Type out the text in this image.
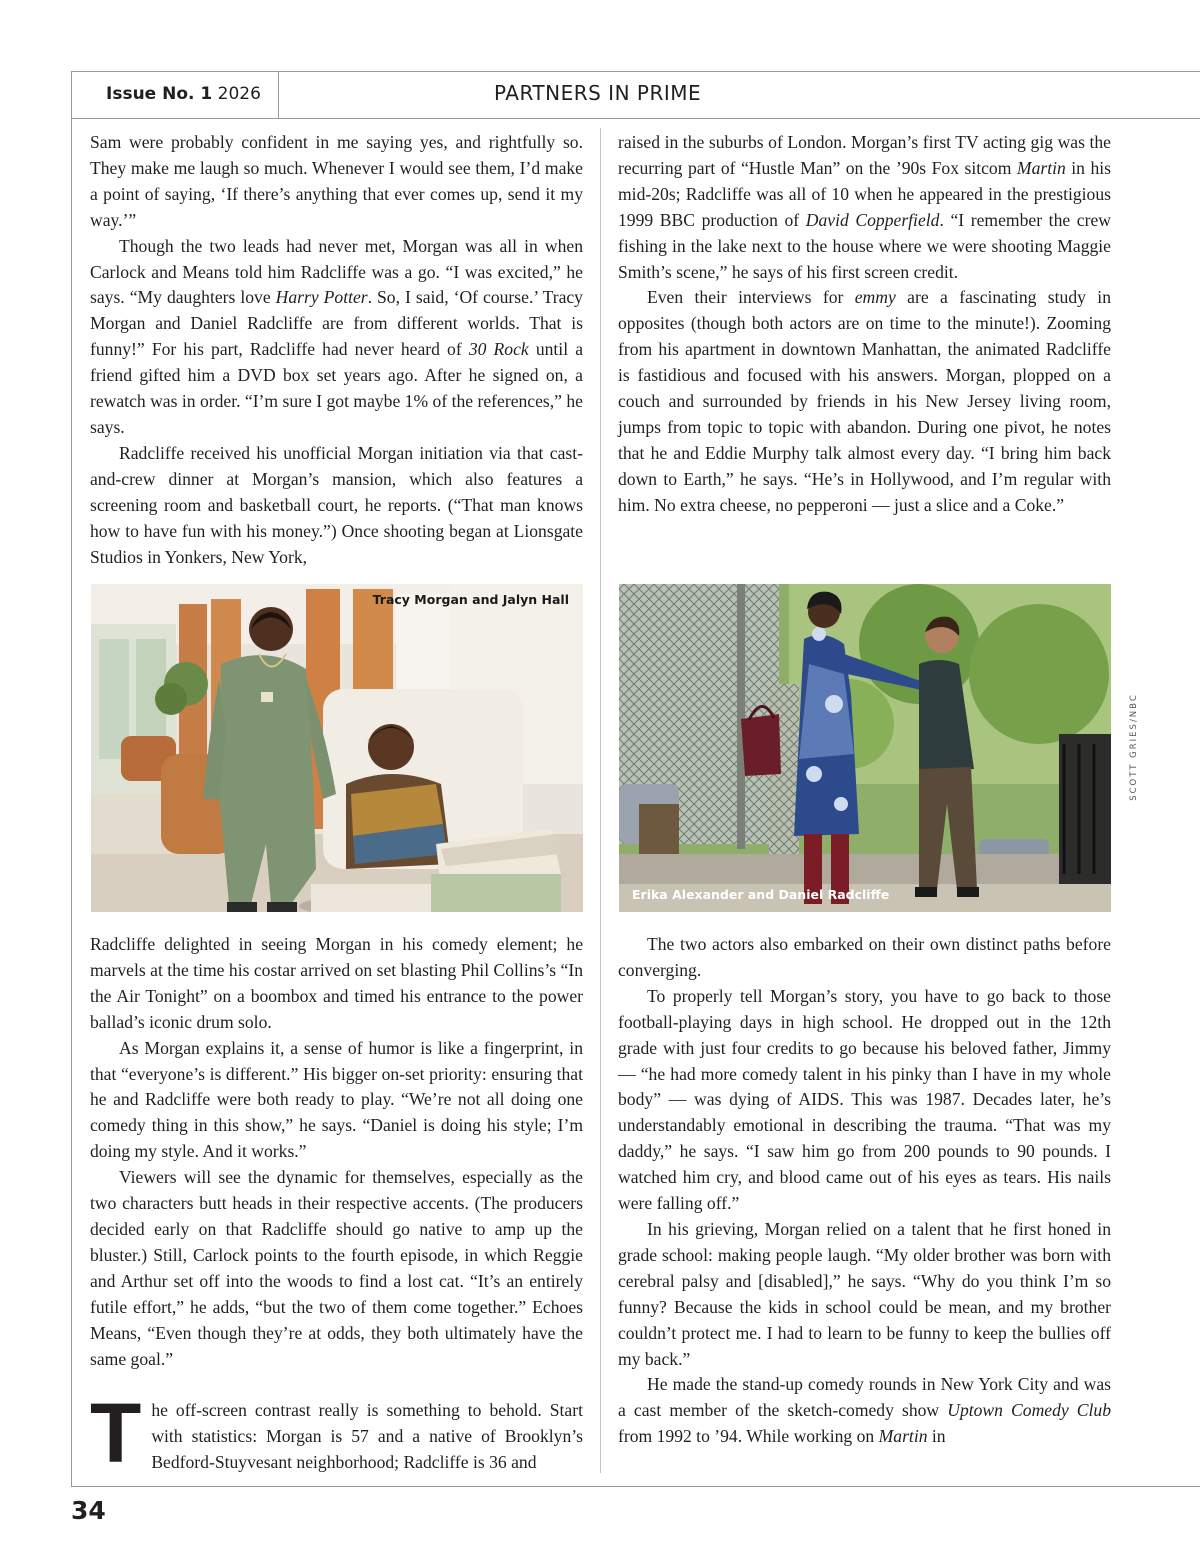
Issue No. 1 2026	PARTNERS IN PRIME

Sam were probably confident in me saying yes, and rightfully so. They make me laugh so much. Whenever I would see them, I’d make a point of saying, ‘If there’s anything that ever comes up, send it my way.’”

Though the two leads had never met, Morgan was all in when Carlock and Means told him Radcliffe was a go. “I was excited,” he says. “My daughters love Harry Potter. So, I said, ‘Of course.’ Tracy Morgan and Daniel Radcliffe are from different worlds. That is funny!” For his part, Radcliffe had never heard of 30 Rock until a friend gifted him a DVD box set years ago. After he signed on, a rewatch was in order. “I’m sure I got maybe 1% of the references,” he says.

Radcliffe received his unofficial Morgan initiation via that cast-and-crew dinner at Morgan’s mansion, which also features a screening room and basketball court, he reports. (“That man knows how to have fun with his money.”) Once shooting began at Lionsgate Studios in Yonkers, New York,

Tracy Morgan and Jalyn Hall

Radcliffe delighted in seeing Morgan in his comedy element; he marvels at the time his costar arrived on set blasting Phil Collins’s “In the Air Tonight” on a boombox and timed his entrance to the power ballad’s iconic drum solo.

As Morgan explains it, a sense of humor is like a fingerprint, in that “everyone’s is different.” His bigger on-set priority: ensuring that he and Radcliffe were both ready to play. “We’re not all doing one comedy thing in this show,” he says. “Daniel is doing his style; I’m doing my style. And it works.”

Viewers will see the dynamic for themselves, especially as the two characters butt heads in their respective accents. (The producers decided early on that Radcliffe should go native to amp up the bluster.) Still, Carlock points to the fourth episode, in which Reggie and Arthur set off into the woods to find a lost cat. “It’s an entirely futile effort,” he adds, “but the two of them come together.” Echoes Means, “Even though they’re at odds, they both ultimately have the same goal.”

The off-screen contrast really is something to behold. Start with statistics: Morgan is 57 and a native of Brooklyn’s Bedford-Stuyvesant neighborhood; Radcliffe is 36 and

raised in the suburbs of London. Morgan’s first TV acting gig was the recurring part of “Hustle Man” on the ’90s Fox sitcom Martin in his mid-20s; Radcliffe was all of 10 when he appeared in the prestigious 1999 BBC production of David Copperfield. “I remember the crew fishing in the lake next to the house where we were shooting Maggie Smith’s scene,” he says of his first screen credit.

Even their interviews for emmy are a fascinating study in opposites (though both actors are on time to the minute!). Zooming from his apartment in downtown Manhattan, the animated Radcliffe is fastidious and focused with his answers. Morgan, plopped on a couch and surrounded by friends in his New Jersey living room, jumps from topic to topic with abandon. During one pivot, he notes that he and Eddie Murphy talk almost every day. “I bring him back down to Earth,” he says. “He’s in Hollywood, and I’m regular with him. No extra cheese, no pepperoni — just a slice and a Coke.”

Erika Alexander and Daniel Radcliffe

The two actors also embarked on their own distinct paths before converging.

To properly tell Morgan’s story, you have to go back to those football-playing days in high school. He dropped out in the 12th grade with just four credits to go because his beloved father, Jimmy — “he had more comedy talent in his pinky than I have in my whole body” — was dying of AIDS. This was 1987. Decades later, he’s understandably emotional in describing the trauma. “That was my daddy,” he says. “I saw him go from 200 pounds to 90 pounds. I watched him cry, and blood came out of his eyes as tears. His nails were falling off.”

In his grieving, Morgan relied on a talent that he first honed in grade school: making people laugh. “My older brother was born with cerebral palsy and [disabled],” he says. “Why do you think I’m so funny? Because the kids in school could be mean, and my brother couldn’t protect me. I had to learn to be funny to keep the bullies off my back.”

He made the stand-up comedy rounds in New York City and was a cast member of the sketch-comedy show Uptown Comedy Club from 1992 to ’94. While working on Martin in

SCOTT GRIES/NBC
34
